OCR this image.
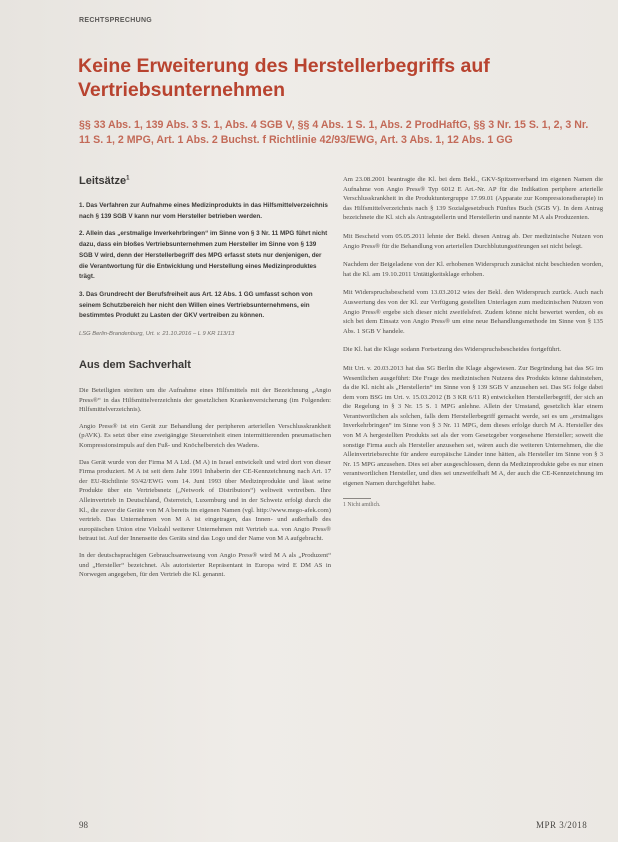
RECHTSPRECHUNG
Keine Erweiterung des Herstellerbegriffs auf Vertriebsunternehmen

§§ 33 Abs. 1, 139 Abs. 3 S. 1, Abs. 4 SGB V, §§ 4 Abs. 1 S. 1, Abs. 2 ProdHaftG, §§ 3 Nr. 15 S. 1, 2, 3 Nr. 11 S. 1, 2 MPG, Art. 1 Abs. 2 Buchst. f Richtlinie 42/93/EWG, Art. 3 Abs. 1, 12 Abs. 1 GG

Leitsätze$^1$

1. Das Verfahren zur Aufnahme eines Medizinprodukts in das Hilfsmittelverzeichnis nach § 139 SGB V kann nur vom Hersteller betrieben werden.

2. Allein das „erstmalige Inverkehrbringen“ im Sinne von § 3 Nr. 11 MPG führt nicht dazu, dass ein bloßes Vertriebsunternehmen zum Hersteller im Sinne von § 139 SGB V wird, denn der Herstellerbegriff des MPG erfasst stets nur denjenigen, der die Verantwortung für die Entwicklung und Herstellung eines Medizinproduktes trägt.

3. Das Grundrecht der Berufsfreiheit aus Art. 12 Abs. 1 GG umfasst schon von seinem Schutzbereich her nicht den Willen eines Vertriebsunternehmens, ein bestimmtes Produkt zu Lasten der GKV vertreiben zu können.

LSG Berlin-Brandenburg, Urt. v. 21.10.2016 – L 9 KR 113/13

Aus dem Sachverhalt

Die Beteiligten streiten um die Aufnahme eines Hilfsmittels mit der Bezeichnung „Angio Press®“ in das Hilfsmittelverzeichnis der gesetzlichen Krankenversicherung (im Folgenden: Hilfsmittelverzeichnis).

Angio Press® ist ein Gerät zur Behandlung der peripheren arteriellen Verschlusskrankheit (pAVK). Es setzt über eine zweigängige Steuereinheit einen intermittierenden pneumatischen Kompressionsimpuls auf den Fuß- und Knöchelbereich des Wadens.

Das Gerät wurde von der Firma M A Ltd. (M A) in Israel entwickelt und wird dort von dieser Firma produziert. M A ist seit dem Jahr 1991 Inhaberin der CE-Kennzeichnung nach Art. 17 der EU-Richtlinie 93/42/EWG vom 14. Juni 1993 über Medizinprodukte und lässt seine Produkte über ein Vertriebsnetz („Network of Distributors“) weltweit vertreiben. Ihre Alleinvertrieb in Deutschland, Österreich, Luxemburg und in der Schweiz erfolgt durch die Kl., die zuvor die Geräte von M A bereits im eigenen Namen (vgl. http://www.mego-afek.com) vertrieb. Das Unternehmen von M A ist eingetragen, das Innen- und außerhalb des europäischen Union eine Vielzahl weiterer Unternehmen mit Vertrieb u.a. von Angio Press® betraut ist. Auf der Innenseite des Geräts sind das Logo und der Name von M A aufgebracht.

In der deutschsprachigen Gebrauchsanweisung von Angio Press® wird M A als „Produzent“ und „Hersteller“ bezeichnet. Als autorisierter Repräsentant in Europa wird E DM AS in Norwegen angegeben, für den Vertrieb die Kl. genannt.

Am 23.08.2001 beantragte die Kl. bei dem Bekl., GKV-Spitzenverband im eigenen Namen die Aufnahme von Angio Press® Typ 6012 E Art.-Nr. AP für die Indikation periphere arterielle Verschlusskrankheit in die Produktuntergruppe 17.99.01 (Apparate zur Kompressionstherapie) in das Hilfsmittelverzeichnis nach § 139 Sozialgesetzbuch Fünftes Buch (SGB V). In dem Antrag bezeichnete die Kl. sich als Antragstellerin und Herstellerin und nannte M A als Produzenten.

Mit Bescheid vom 05.05.2011 lehnte der Bekl. diesen Antrag ab. Der medizinische Nutzen von Angio Press® für die Behandlung von arteriellen Durchblutungsstörungen sei nicht belegt.

Nachdem der Beigeladene von der Kl. erhobenen Widerspruch zunächst nicht beschieden worden, hat die Kl. am 19.10.2011 Untätigkeitsklage erhoben.

Mit Widerspruchsbescheid vom 13.03.2012 wies der Bekl. den Widerspruch zurück. Auch nach Auswertung des von der Kl. zur Verfügung gestellten Unterlagen zum medizinischen Nutzen von Angio Press® ergebe sich dieser nicht zweifelsfrei. Zudem könne nicht bewertet werden, ob es sich bei dem Einsatz von Angio Press® um eine neue Behandlungsmethode im Sinne von § 135 Abs. 1 SGB V handele.

Die Kl. hat die Klage sodann Fortsetzung des Widerspruchsbescheides fortgeführt.

Mit Urt. v. 20.03.2013 hat das SG Berlin die Klage abgewiesen. Zur Begründung hat das SG im Wesentlichen ausgeführt: Die Frage des medizinischen Nutzens des Produkts könne dahinstehen, da die Kl. nicht als „Herstellerin“ im Sinne von § 139 SGB V anzusehen sei. Das SG folge dabei dem vom BSG im Urt. v. 15.03.2012 (B 3 KR 6/11 R) entwickelten Herstellerbegriff, der sich an die Regelung in § 3 Nr. 15 S. 1 MPG anlehne. Allein der Umstand, gesetzlich klar einem Verantwortlichen als solchen, falls dem Herstellerbegriff gemacht werde, sei es um „erstmaliges Inverkehrbringen“ im Sinne von § 3 Nr. 11 MPG, dem dieses erfolge durch M A. Hersteller des von M A hergestellten Produkts sei als der vom Gesetzgeber vorgesehene Hersteller; soweit die sonstige Firma auch als Hersteller anzusehen sei, wären auch die weiteren Unternehmen, die die Alleinvertriebsrechte für andere europäische Länder inne hätten, als Hersteller im Sinne von § 3 Nr. 15 MPG anzusehen. Dies sei aber ausgeschlossen, denn da Medizinprodukte gebe es nur einen verantwortlichen Hersteller, und dies sei unzweifelhaft M A, der auch die CE-Kennzeichnung im eigenen Namen durchgeführt habe.

1 Nicht amtlich.

98	MPR 3/2018
